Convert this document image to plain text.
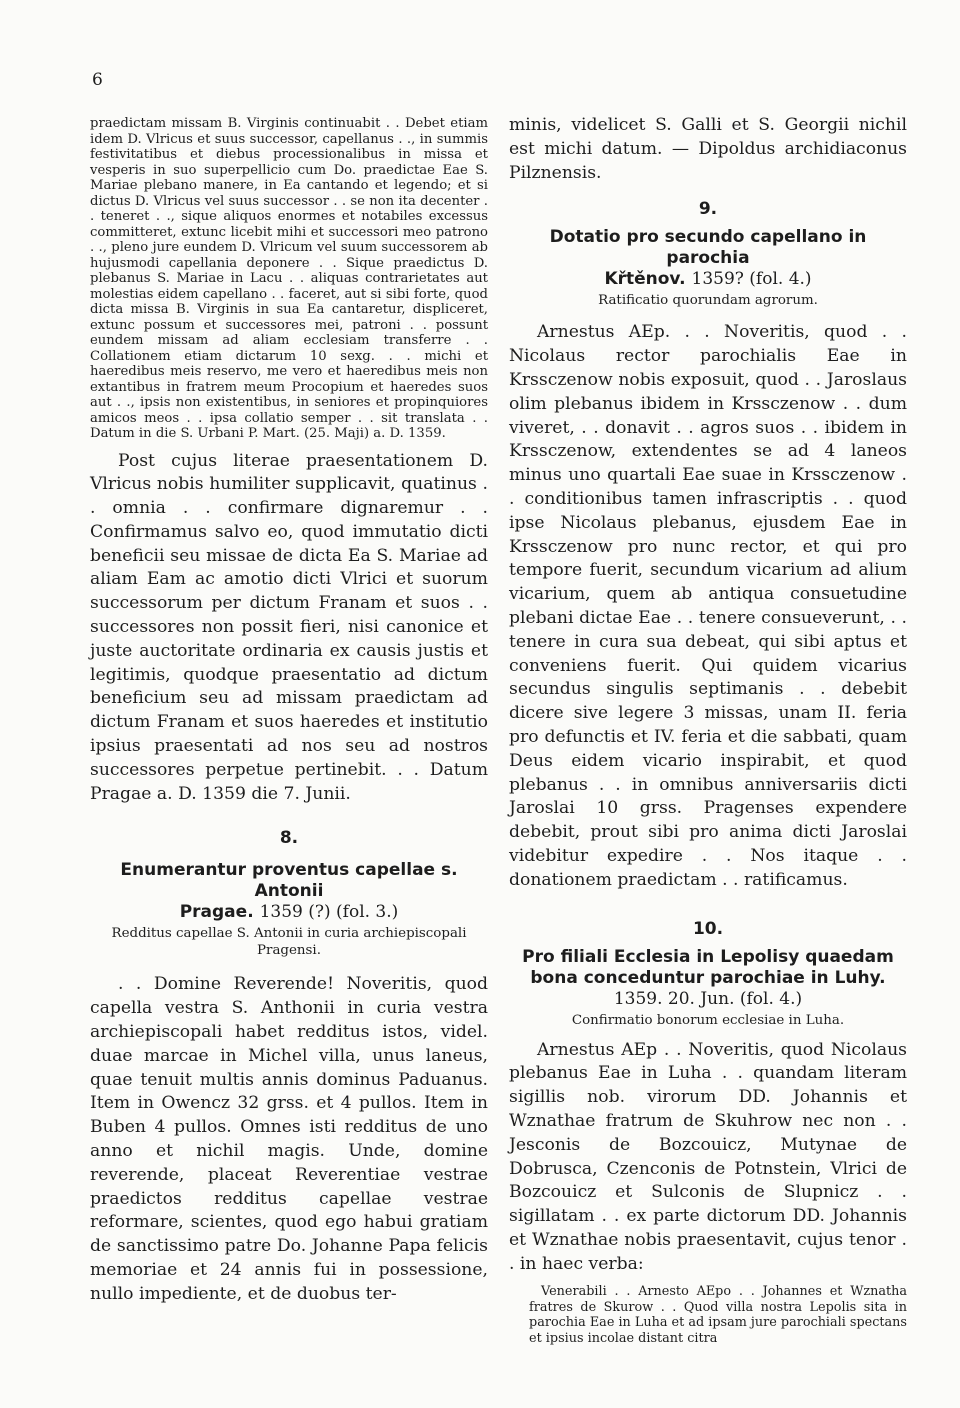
6

praedictam missam B. Virginis continuabit . . Debet etiam idem D. Vlricus et suus successor, capellanus . ., in summis festivitatibus et diebus processionalibus in missa et vesperis in suo superpellicio cum Do. praedictae Eae S. Mariae plebano manere, in Ea cantando et legendo; et si dictus D. Vlricus vel suus successor . . se non ita decenter . . teneret . ., sique aliquos enormes et notabiles excessus committeret, extunc licebit mihi et successori meo patrono . ., pleno jure eundem D. Vlricum vel suum successorem ab hujusmodi capellania deponere . . Sique praedictus D. plebanus S. Mariae in Lacu . . aliquas contrarietates aut molestias eidem capellano . . faceret, aut si sibi forte, quod dicta missa B. Virginis in sua Ea cantaretur, displiceret, extunc possum et successores mei, patroni . . possunt eundem missam ad aliam ecclesiam transferre . . Collationem etiam dictarum 10 sexg. . . michi et haeredibus meis reservo, me vero et haeredibus meis non extantibus in fratrem meum Procopium et haeredes suos aut . ., ipsis non existentibus, in seniores et propinquiores amicos meos . . ipsa collatio semper . . sit translata . . Datum in die S. Urbani P. Mart. (25. Maji) a. D. 1359.

Post cujus literae praesentationem D. Vlricus nobis humiliter supplicavit, quatinus . . omnia . . confirmare dignaremur . . Confirmamus salvo eo, quod immutatio dicti beneficii seu missae de dicta Ea S. Mariae ad aliam Eam ac amotio dicti Vlrici et suorum successorum per dictum Franam et suos . . successores non possit fieri, nisi canonice et juste auctoritate ordinaria ex causis justis et legitimis, quodque praesentatio ad dictum beneficium seu ad missam praedictam ad dictum Franam et suos haeredes et institutio ipsius praesentati ad nos seu ad nostros successores perpetue pertinebit. . . Datum Pragae a. D. 1359 die 7. Junii.

8.

Enumerantur proventus capellae s. Antonii

Pragae. 1359 (?) (fol. 3.)

Redditus capellae S. Antonii in curia archiepiscopali Pragensi.

. . Domine Reverende! Noveritis, quod capella vestra S. Anthonii in curia vestra archiepiscopali habet redditus istos, videl. duae marcae in Michel villa, unus laneus, quae tenuit multis annis dominus Paduanus. Item in Owencz 32 grss. et 4 pullos. Item in Buben 4 pullos. Omnes isti redditus de uno anno et nichil magis. Unde, domine reverende, placeat Reverentiae vestrae praedictos redditus capellae vestrae reformare, scientes, quod ego habui gratiam de sanctissimo patre Do. Johanne Papa felicis memoriae et 24 annis fui in possessione, nullo impediente, et de duobus ter-

minis, videlicet S. Galli et S. Georgii nichil est michi datum. — Dipoldus archidiaconus Pilznensis.

9.

Dotatio pro secundo capellano in parochia

Křtěnov. 1359? (fol. 4.)

Ratificatio quorundam agrorum.

Arnestus AEp. . . Noveritis, quod . . Nicolaus rector parochialis Eae in Krssczenow nobis exposuit, quod . . Jaroslaus olim plebanus ibidem in Krssczenow . . dum viveret, . . donavit . . agros suos . . ibidem in Krssczenow, extendentes se ad 4 laneos minus uno quartali Eae suae in Krssczenow . . conditionibus tamen infrascriptis . . quod ipse Nicolaus plebanus, ejusdem Eae in Krssczenow pro nunc rector, et qui pro tempore fuerit, secundum vicarium ad alium vicarium, quem ab antiqua consuetudine plebani dictae Eae . . tenere consueverunt, . . tenere in cura sua debeat, qui sibi aptus et conveniens fuerit. Qui quidem vicarius secundus singulis septimanis . . debebit dicere sive legere 3 missas, unam II. feria pro defunctis et IV. feria et die sabbati, quam Deus eidem vicario inspirabit, et quod plebanus . . in omnibus anniversariis dicti Jaroslai 10 grss. Pragenses expendere debebit, prout sibi pro anima dicti Jaroslai videbitur expedire . . Nos itaque . . donationem praedictam . . ratificamus.

10.

Pro filiali Ecclesia in Lepolisy quaedam bona conceduntur parochiae in Luhy.

1359. 20. Jun. (fol. 4.)

Confirmatio bonorum ecclesiae in Luha.

Arnestus AEp . . Noveritis, quod Nicolaus plebanus Eae in Luha . . quandam literam sigillis nob. virorum DD. Johannis et Wznathae fratrum de Skuhrow nec non . . Jesconis de Bozcouicz, Mutynae de Dobrusca, Czenconis de Potnstein, Vlrici de Bozcouicz et Sulconis de Slupnicz . . sigillatam . . ex parte dictorum DD. Johannis et Wznathae nobis praesentavit, cujus tenor . . in haec verba:

Venerabili . . Arnesto AEpo . . Johannes et Wznatha fratres de Skurow . . Quod villa nostra Lepolis sita in parochia Eae in Luha et ad ipsam jure parochiali spectans et ipsius incolae distant citra
